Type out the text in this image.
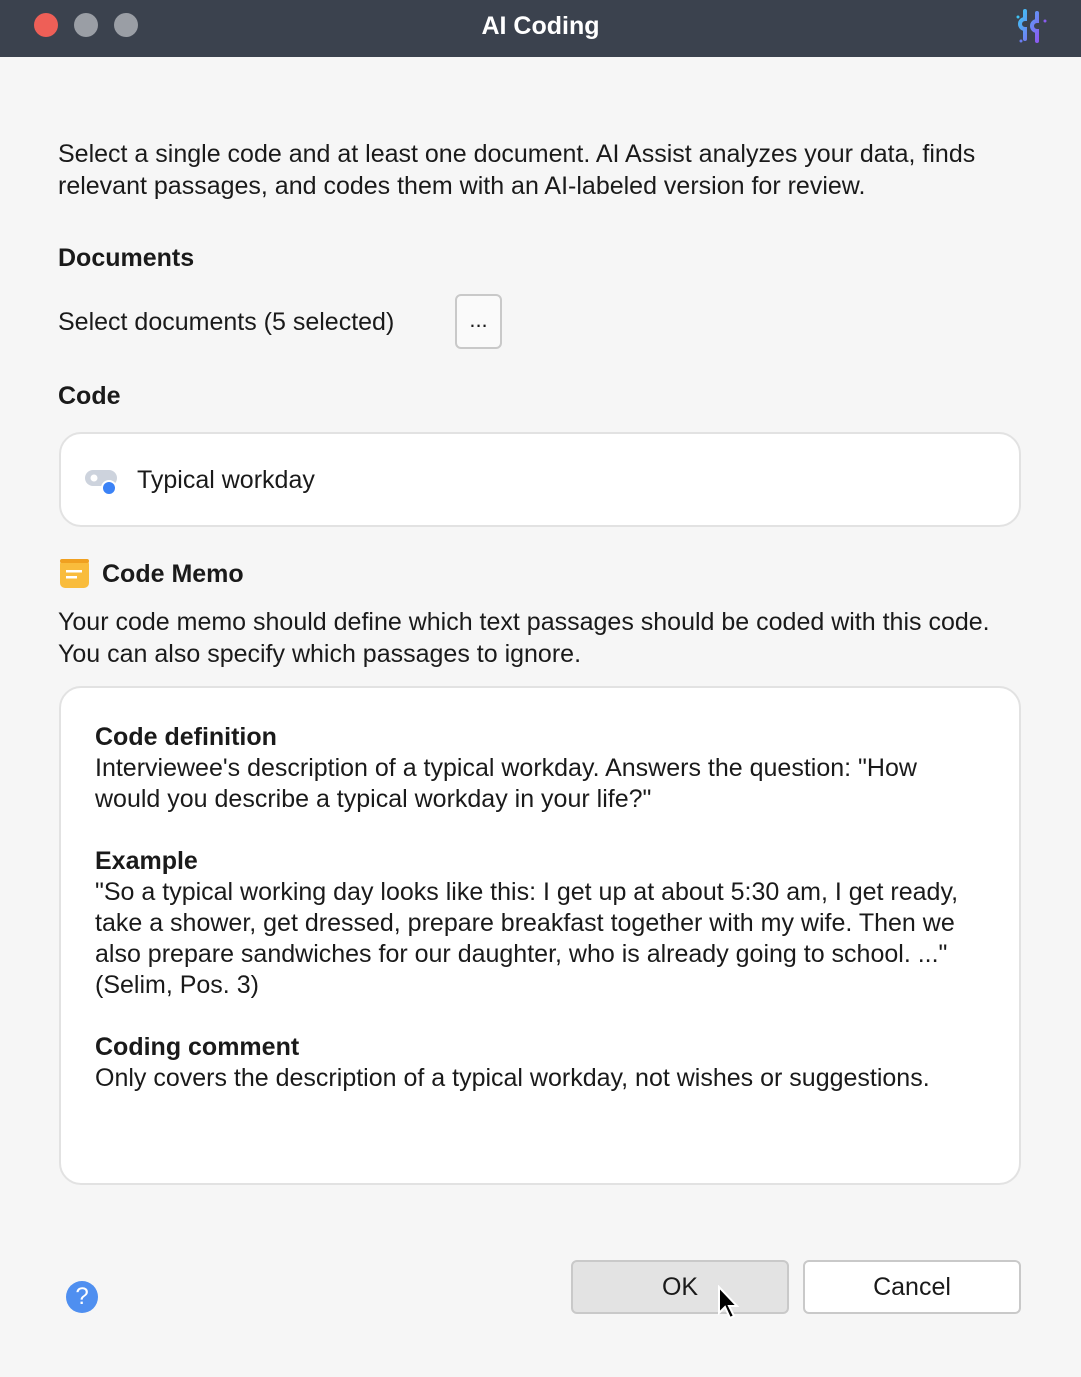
AI Coding
Select a single code and at least one document. AI Assist analyzes your data, finds relevant passages, and codes them with an AI-labeled version for review.
Documents
Select documents (5 selected)	...
Code
Typical workday
Code Memo
Your code memo should define which text passages should be coded with this code. You can also specify which passages to ignore.
Code definition
Interviewee's description of a typical workday. Answers the question: "How would you describe a typical workday in your life?"
Example
"So a typical working day looks like this: I get up at about 5:30 am, I get ready, take a shower, get dressed, prepare breakfast together with my wife. Then we also prepare sandwiches for our daughter, who is already going to school. ..." (Selim, Pos. 3)
Coding comment
Only covers the description of a typical workday, not wishes or suggestions.
?	OK	Cancel
